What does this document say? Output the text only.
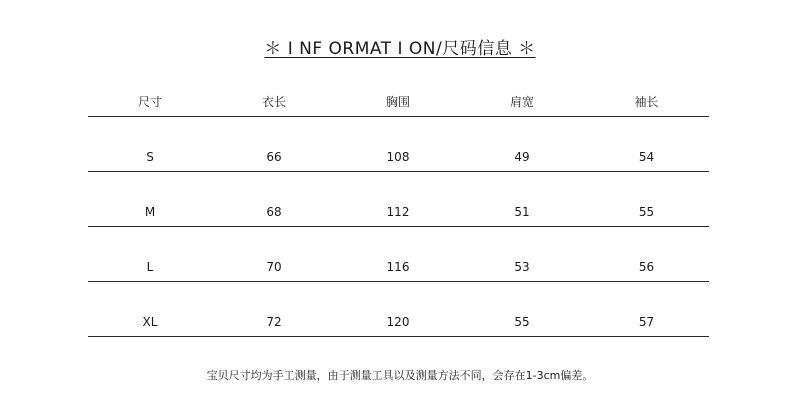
＊ I NF ORMAT I ON/尺码信息 ＊
尺寸	衣长	胸围	肩宽	袖长
S	66	108	49	54
M	68	112	51	55
L	70	116	53	56
XL	72	120	55	57
宝贝尺寸均为手工测量，由于测量工具以及测量方法不同，会存在1-3cm偏差。
